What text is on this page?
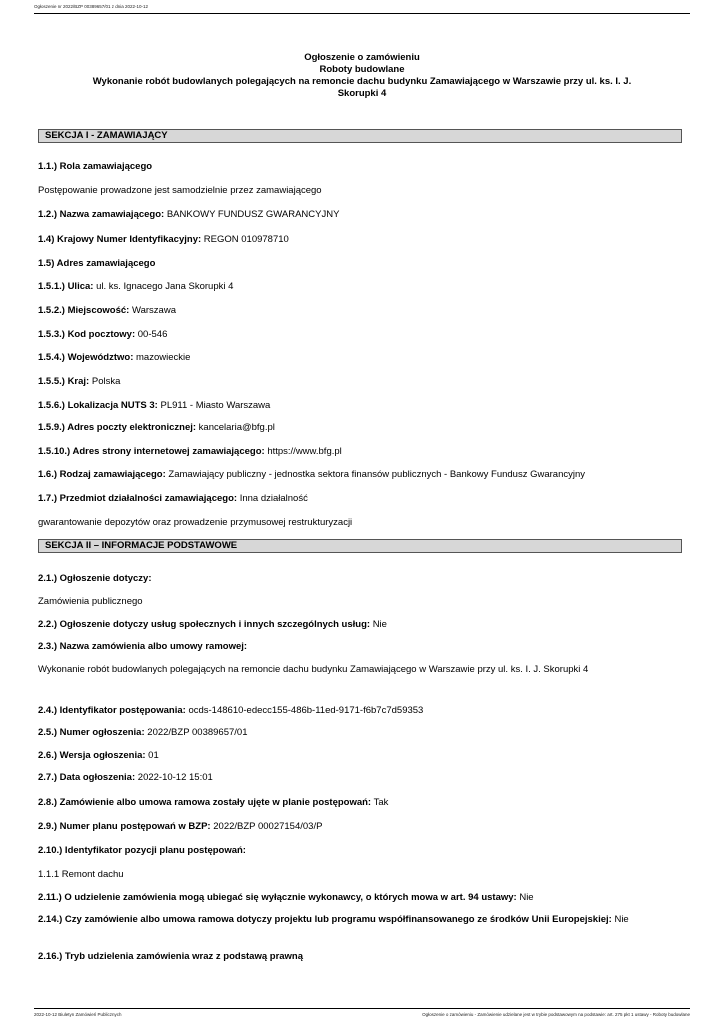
Ogłoszenie nr 2022/BZP 00389657/01 z dnia 2022-10-12
Ogłoszenie o zamówieniu
Roboty budowlane
Wykonanie robót budowlanych polegających na remoncie dachu budynku Zamawiającego w Warszawie przy ul. ks. I. J.
Skorupki 4
SEKCJA I - ZAMAWIAJĄCY
1.1.) Rola zamawiającego
Postępowanie prowadzone jest samodzielnie przez zamawiającego
1.2.) Nazwa zamawiającego: BANKOWY FUNDUSZ GWARANCYJNY
1.4) Krajowy Numer Identyfikacyjny: REGON 010978710
1.5) Adres zamawiającego
1.5.1.) Ulica: ul. ks. Ignacego Jana Skorupki 4
1.5.2.) Miejscowość: Warszawa
1.5.3.) Kod pocztowy: 00-546
1.5.4.) Województwo: mazowieckie
1.5.5.) Kraj: Polska
1.5.6.) Lokalizacja NUTS 3: PL911 - Miasto Warszawa
1.5.9.) Adres poczty elektronicznej: kancelaria@bfg.pl
1.5.10.) Adres strony internetowej zamawiającego: https://www.bfg.pl
1.6.) Rodzaj zamawiającego: Zamawiający publiczny - jednostka sektora finansów publicznych - Bankowy Fundusz Gwarancyjny
1.7.) Przedmiot działalności zamawiającego: Inna działalność
gwarantowanie depozytów oraz prowadzenie przymusowej restrukturyzacji
SEKCJA II – INFORMACJE PODSTAWOWE
2.1.) Ogłoszenie dotyczy:
Zamówienia publicznego
2.2.) Ogłoszenie dotyczy usług społecznych i innych szczególnych usług: Nie
2.3.) Nazwa zamówienia albo umowy ramowej:
Wykonanie robót budowlanych polegających na remoncie dachu budynku Zamawiającego w Warszawie przy ul. ks. I. J. Skorupki 4
2.4.) Identyfikator postępowania: ocds-148610-edecc155-486b-11ed-9171-f6b7c7d59353
2.5.) Numer ogłoszenia: 2022/BZP 00389657/01
2.6.) Wersja ogłoszenia: 01
2.7.) Data ogłoszenia: 2022-10-12 15:01
2.8.) Zamówienie albo umowa ramowa zostały ujęte w planie postępowań: Tak
2.9.) Numer planu postępowań w BZP: 2022/BZP 00027154/03/P
2.10.) Identyfikator pozycji planu postępowań:
1.1.1 Remont dachu
2.11.) O udzielenie zamówienia mogą ubiegać się wyłącznie wykonawcy, o których mowa w art. 94 ustawy: Nie
2.14.) Czy zamówienie albo umowa ramowa dotyczy projektu lub programu współfinansowanego ze środków Unii Europejskiej: Nie
2.16.) Tryb udzielenia zamówienia wraz z podstawą prawną
2022-10-12 Biuletyn Zamówień Publicznych	Ogłoszenie o zamówieniu - Zamówienie udzielane jest w trybie podstawowym na podstawie: art. 275 pkt 1 ustawy - Roboty budowlane
